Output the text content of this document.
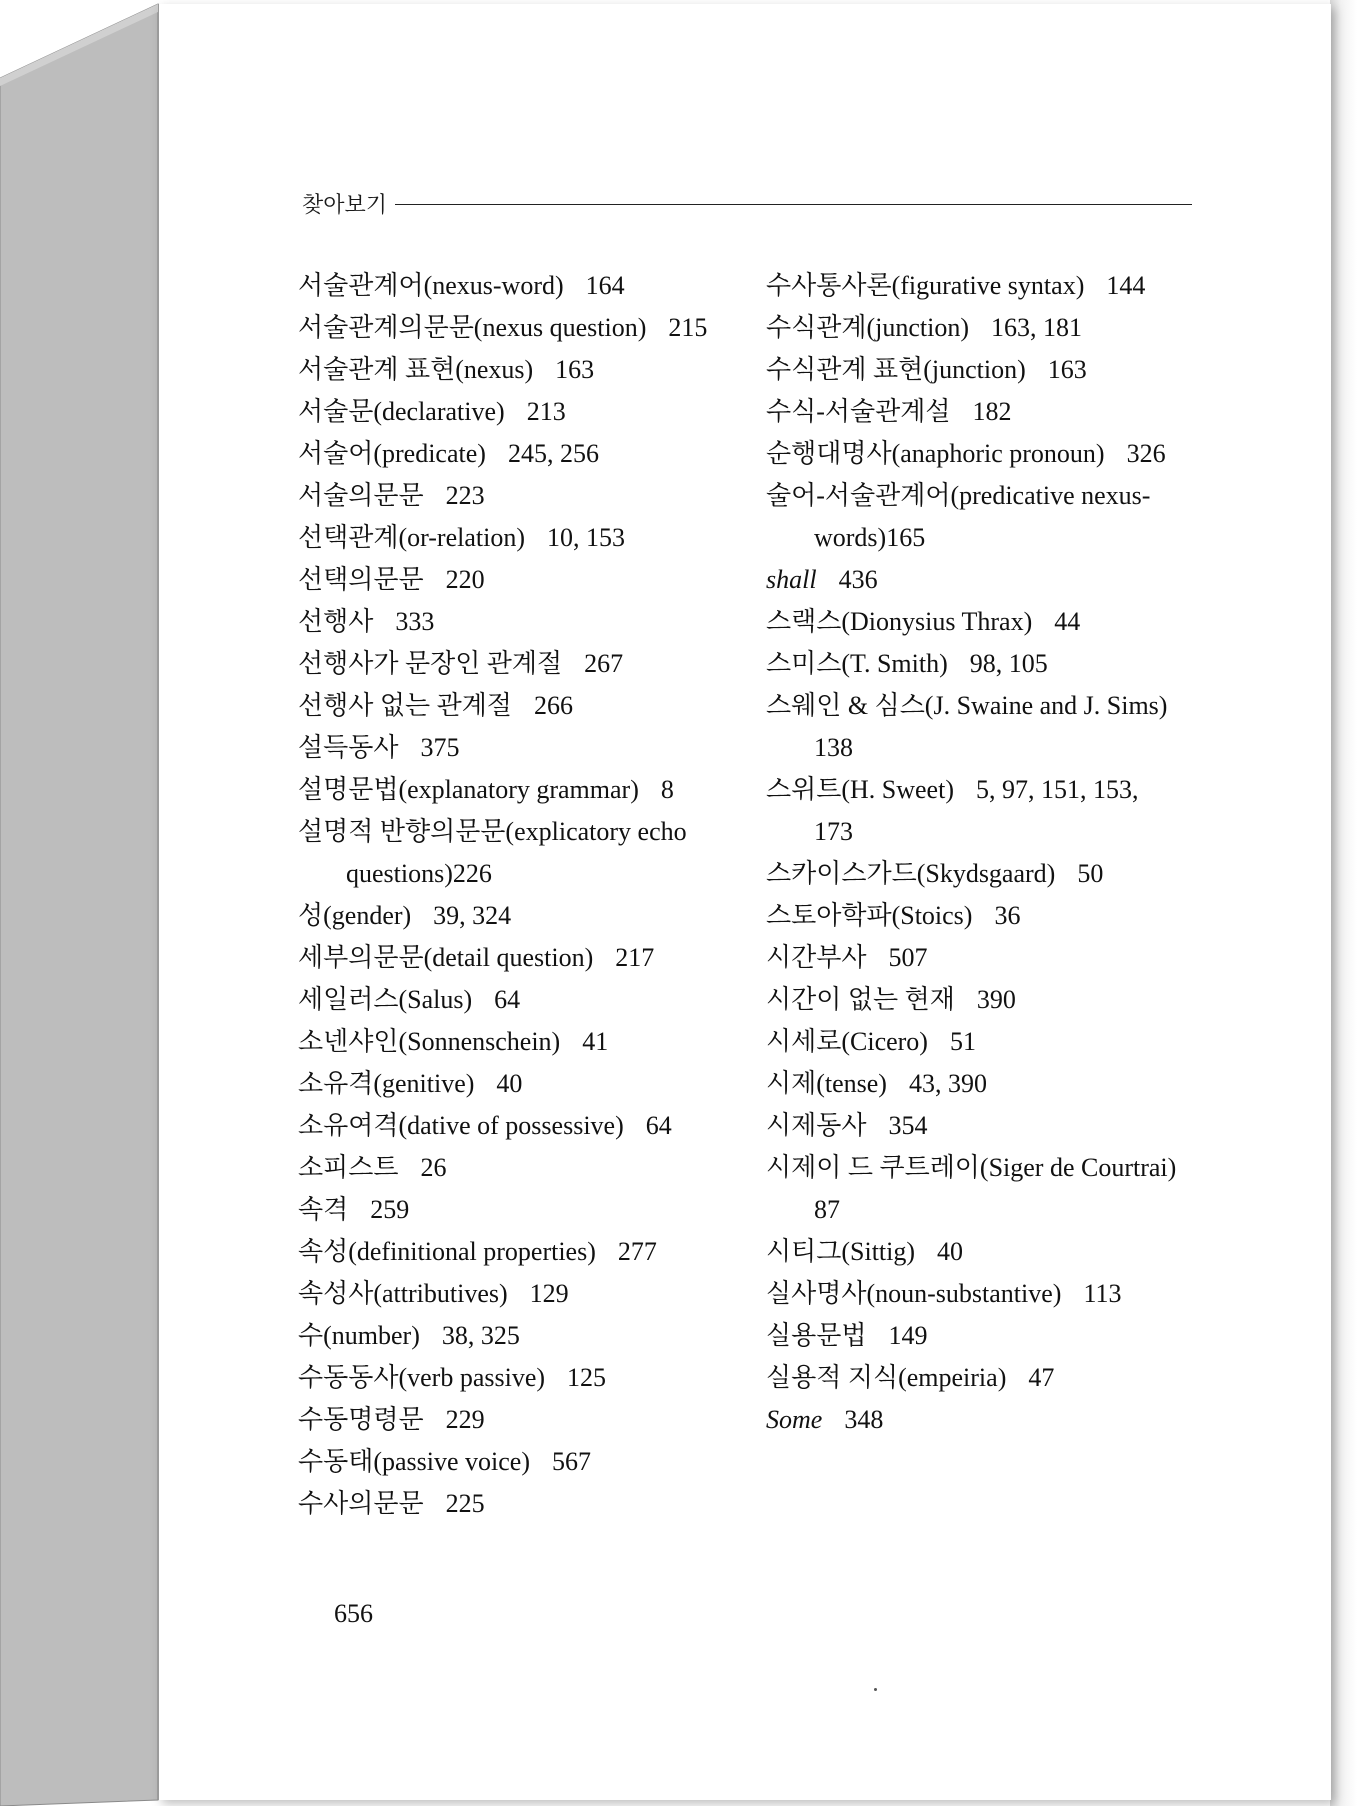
찾아보기
서술관계어(nexus-word) 164
서술관계의문문(nexus question) 215
서술관계 표현(nexus) 163
서술문(declarative) 213
서술어(predicate) 245, 256
서술의문문 223
선택관계(or-relation) 10, 153
선택의문문 220
선행사 333
선행사가 문장인 관계절 267
선행사 없는 관계절 266
설득동사 375
설명문법(explanatory grammar) 8
설명적 반향의문문(explicatory echo
questions)226
성(gender) 39, 324
세부의문문(detail question) 217
세일러스(Salus) 64
소넨샤인(Sonnenschein) 41
소유격(genitive) 40
소유여격(dative of possessive) 64
소피스트 26
속격 259
속성(definitional properties) 277
속성사(attributives) 129
수(number) 38, 325
수동동사(verb passive) 125
수동명령문 229
수동태(passive voice) 567
수사의문문 225
수사통사론(figurative syntax) 144
수식관계(junction) 163, 181
수식관계 표현(junction) 163
수식-서술관계설 182
순행대명사(anaphoric pronoun) 326
술어-서술관계어(predicative nexus-
words)165
shall 436
스랙스(Dionysius Thrax) 44
스미스(T. Smith) 98, 105
스웨인 & 심스(J. Swaine and J. Sims)
138
스위트(H. Sweet) 5, 97, 151, 153,
173
스카이스가드(Skydsgaard) 50
스토아학파(Stoics) 36
시간부사 507
시간이 없는 현재 390
시세로(Cicero) 51
시제(tense) 43, 390
시제동사 354
시제이 드 쿠트레이(Siger de Courtrai)
87
시티그(Sittig) 40
실사명사(noun-substantive) 113
실용문법 149
실용적 지식(empeiria) 47
Some 348
656
